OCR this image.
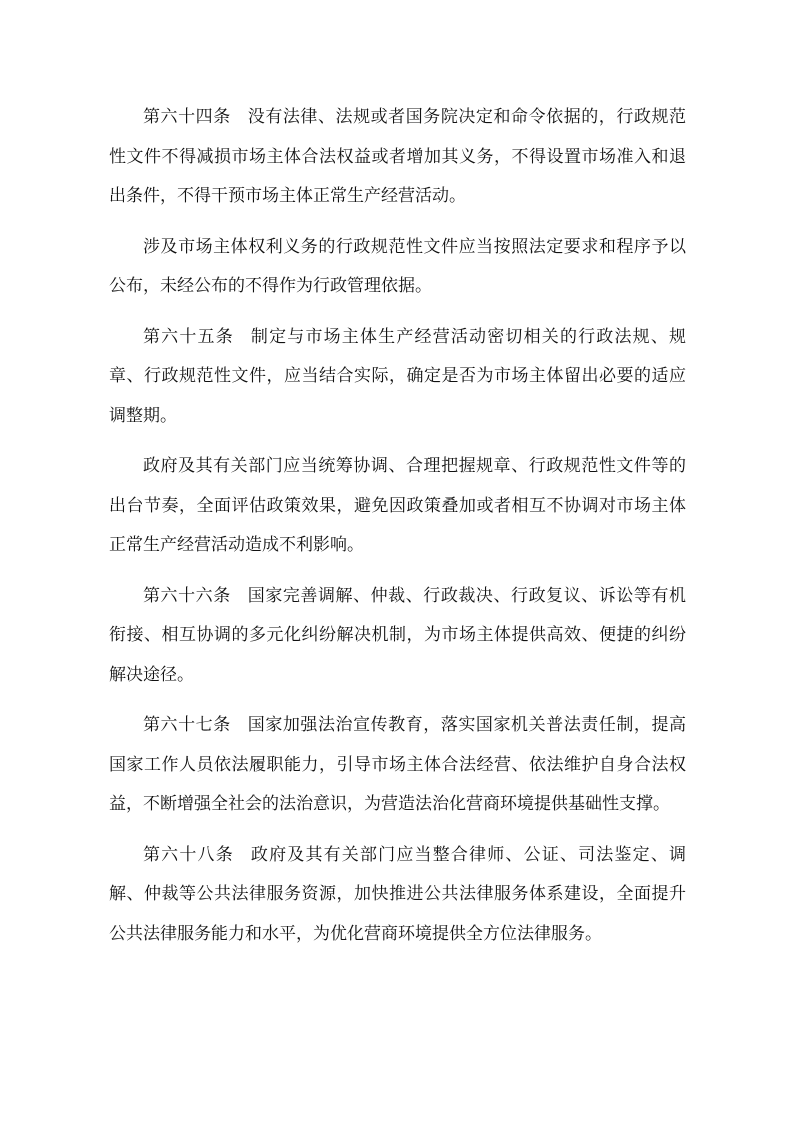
第六十四条 没有法律、法规或者国务院决定和命令依据的，行政规范性文件不得减损市场主体合法权益或者增加其义务，不得设置市场准入和退出条件，不得干预市场主体正常生产经营活动。

涉及市场主体权利义务的行政规范性文件应当按照法定要求和程序予以公布，未经公布的不得作为行政管理依据。

第六十五条 制定与市场主体生产经营活动密切相关的行政法规、规章、行政规范性文件，应当结合实际，确定是否为市场主体留出必要的适应调整期。

政府及其有关部门应当统筹协调、合理把握规章、行政规范性文件等的出台节奏，全面评估政策效果，避免因政策叠加或者相互不协调对市场主体正常生产经营活动造成不利影响。

第六十六条 国家完善调解、仲裁、行政裁决、行政复议、诉讼等有机衔接、相互协调的多元化纠纷解决机制，为市场主体提供高效、便捷的纠纷解决途径。

第六十七条 国家加强法治宣传教育，落实国家机关普法责任制，提高国家工作人员依法履职能力，引导市场主体合法经营、依法维护自身合法权益，不断增强全社会的法治意识，为营造法治化营商环境提供基础性支撑。

第六十八条 政府及其有关部门应当整合律师、公证、司法鉴定、调解、仲裁等公共法律服务资源，加快推进公共法律服务体系建设，全面提升公共法律服务能力和水平，为优化营商环境提供全方位法律服务。
